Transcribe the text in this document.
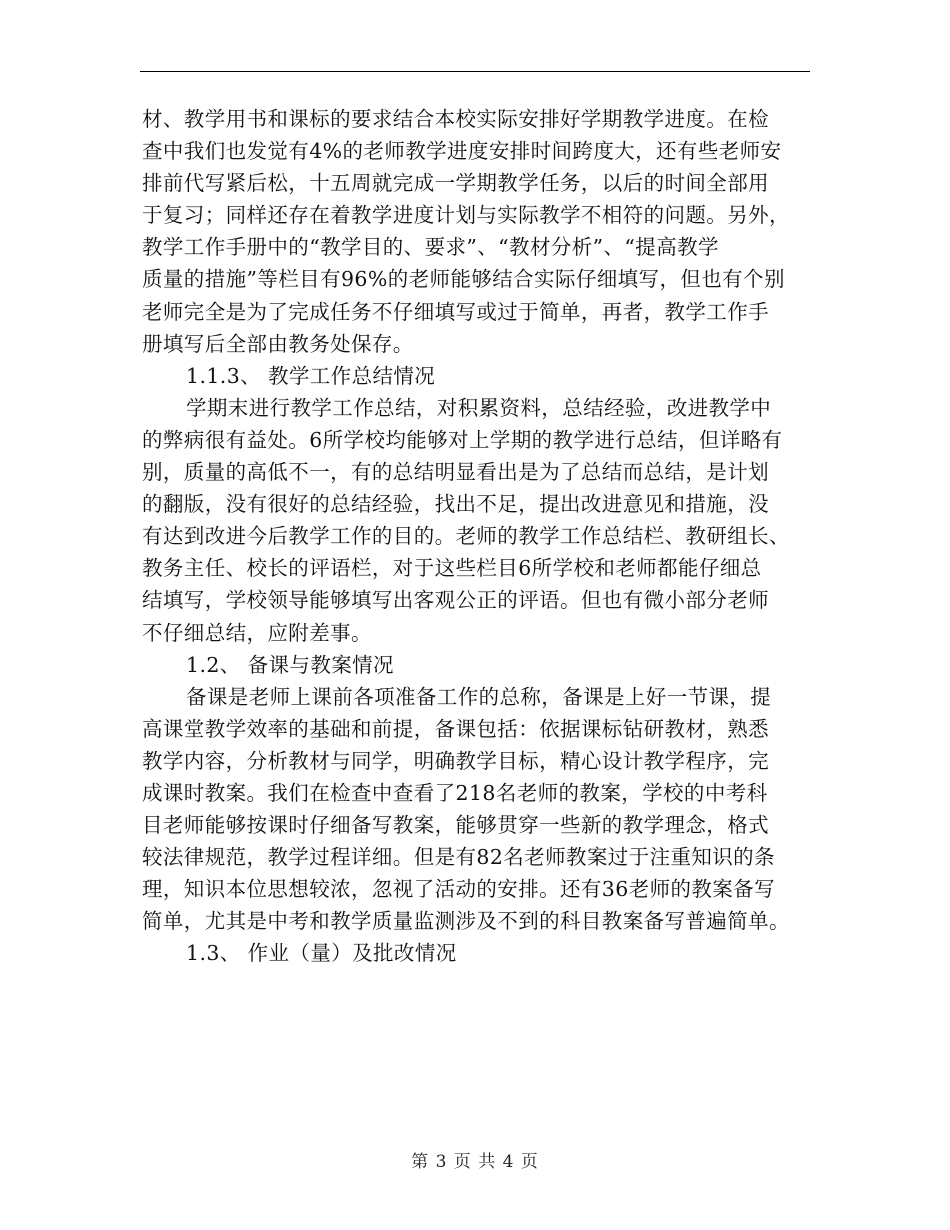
材、教学用书和课标的要求结合本校实际安排好学期教学进度。在检
查中我们也发觉有4%的老师教学进度安排时间跨度大，还有些老师安
排前代写紧后松，十五周就完成一学期教学任务，以后的时间全部用
于复习；同样还存在着教学进度计划与实际教学不相符的问题。另外，
教学工作手册中的“教学目的、要求”、“教材分析”、“提高教学
质量的措施”等栏目有96%的老师能够结合实际仔细填写，但也有个别
老师完全是为了完成任务不仔细填写或过于简单，再者，教学工作手
册填写后全部由教务处保存。
1.1.3、 教学工作总结情况
学期末进行教学工作总结，对积累资料，总结经验，改进教学中
的弊病很有益处。6所学校均能够对上学期的教学进行总结，但详略有
别，质量的高低不一，有的总结明显看出是为了总结而总结，是计划
的翻版，没有很好的总结经验，找出不足，提出改进意见和措施，没
有达到改进今后教学工作的目的。老师的教学工作总结栏、教研组长、
教务主任、校长的评语栏，对于这些栏目6所学校和老师都能仔细总
结填写，学校领导能够填写出客观公正的评语。但也有微小部分老师
不仔细总结，应附差事。
1.2、 备课与教案情况
备课是老师上课前各项准备工作的总称，备课是上好一节课，提
高课堂教学效率的基础和前提，备课包括：依据课标钻研教材，熟悉
教学内容，分析教材与同学，明确教学目标，精心设计教学程序，完
成课时教案。我们在检查中查看了218名老师的教案，学校的中考科
目老师能够按课时仔细备写教案，能够贯穿一些新的教学理念，格式
较法律规范，教学过程详细。但是有82名老师教案过于注重知识的条
理，知识本位思想较浓，忽视了活动的安排。还有36老师的教案备写
简单，尤其是中考和教学质量监测涉及不到的科目教案备写普遍简单。
1.3、 作业（量）及批改情况
第 3 页 共 4 页
